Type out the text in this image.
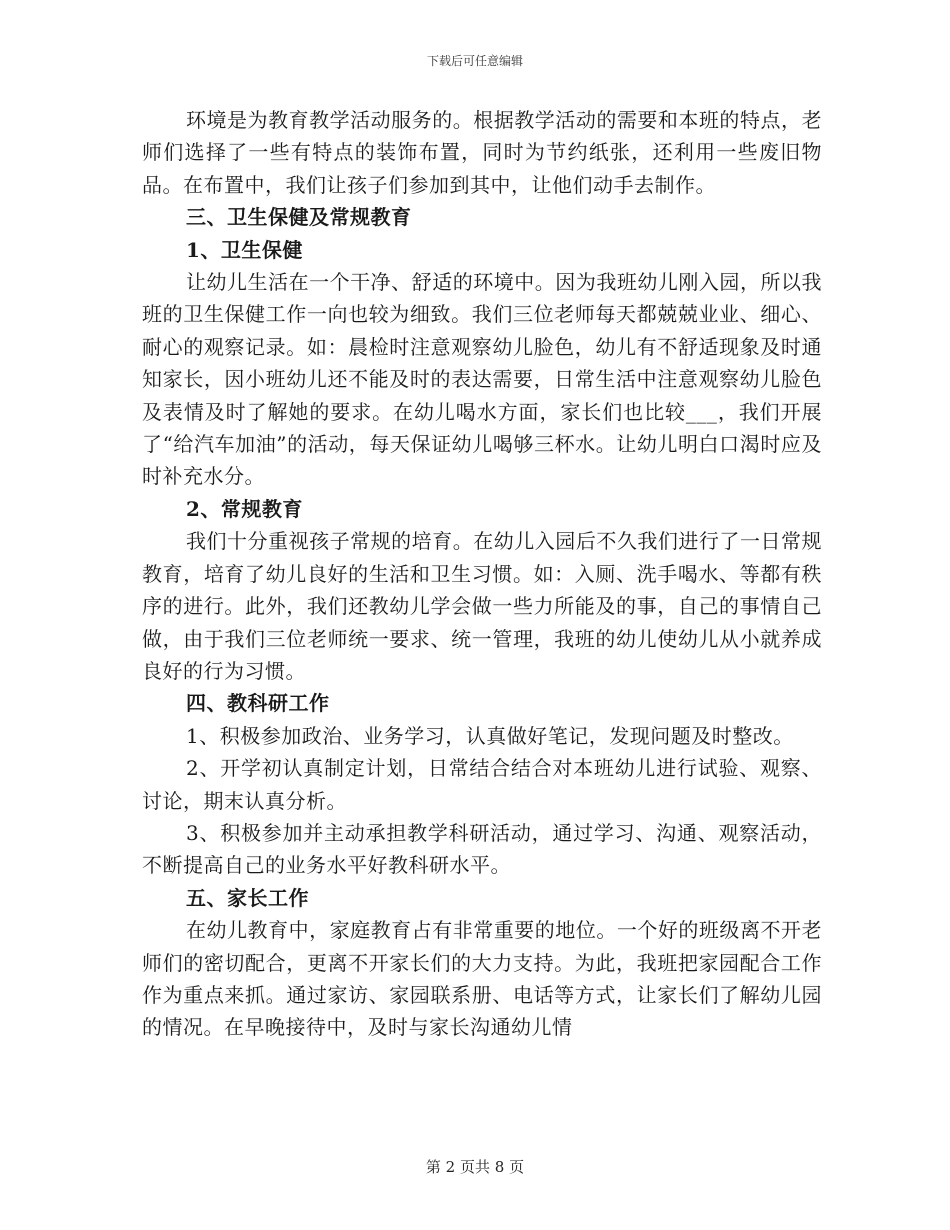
下载后可任意编辑

环境是为教育教学活动服务的。根据教学活动的需要和本班的特点，老师们选择了一些有特点的装饰布置，同时为节约纸张，还利用一些废旧物品。在布置中，我们让孩子们参加到其中，让他们动手去制作。

三、卫生保健及常规教育

1、卫生保健

让幼儿生活在一个干净、舒适的环境中。因为我班幼儿刚入园，所以我班的卫生保健工作一向也较为细致。我们三位老师每天都兢兢业业、细心、耐心的观察记录。如：晨检时注意观察幼儿脸色，幼儿有不舒适现象及时通知家长，因小班幼儿还不能及时的表达需要，日常生活中注意观察幼儿脸色及表情及时了解她的要求。在幼儿喝水方面，家长们也比较___，我们开展了“给汽车加油”的活动，每天保证幼儿喝够三杯水。让幼儿明白口渴时应及时补充水分。

2、常规教育

我们十分重视孩子常规的培育。在幼儿入园后不久我们进行了一日常规教育，培育了幼儿良好的生活和卫生习惯。如：入厕、洗手喝水、等都有秩序的进行。此外，我们还教幼儿学会做一些力所能及的事，自己的事情自己做，由于我们三位老师统一要求、统一管理，我班的幼儿使幼儿从小就养成良好的行为习惯。

四、教科研工作

1、积极参加政治、业务学习，认真做好笔记，发现问题及时整改。

2、开学初认真制定计划，日常结合结合对本班幼儿进行试验、观察、讨论，期末认真分析。

3、积极参加并主动承担教学科研活动，通过学习、沟通、观察活动，不断提高自己的业务水平好教科研水平。

五、家长工作

在幼儿教育中，家庭教育占有非常重要的地位。一个好的班级离不开老师们的密切配合，更离不开家长们的大力支持。为此，我班把家园配合工作作为重点来抓。通过家访、家园联系册、电话等方式，让家长们了解幼儿园的情况。在早晚接待中，及时与家长沟通幼儿情

第 2 页共 8 页
